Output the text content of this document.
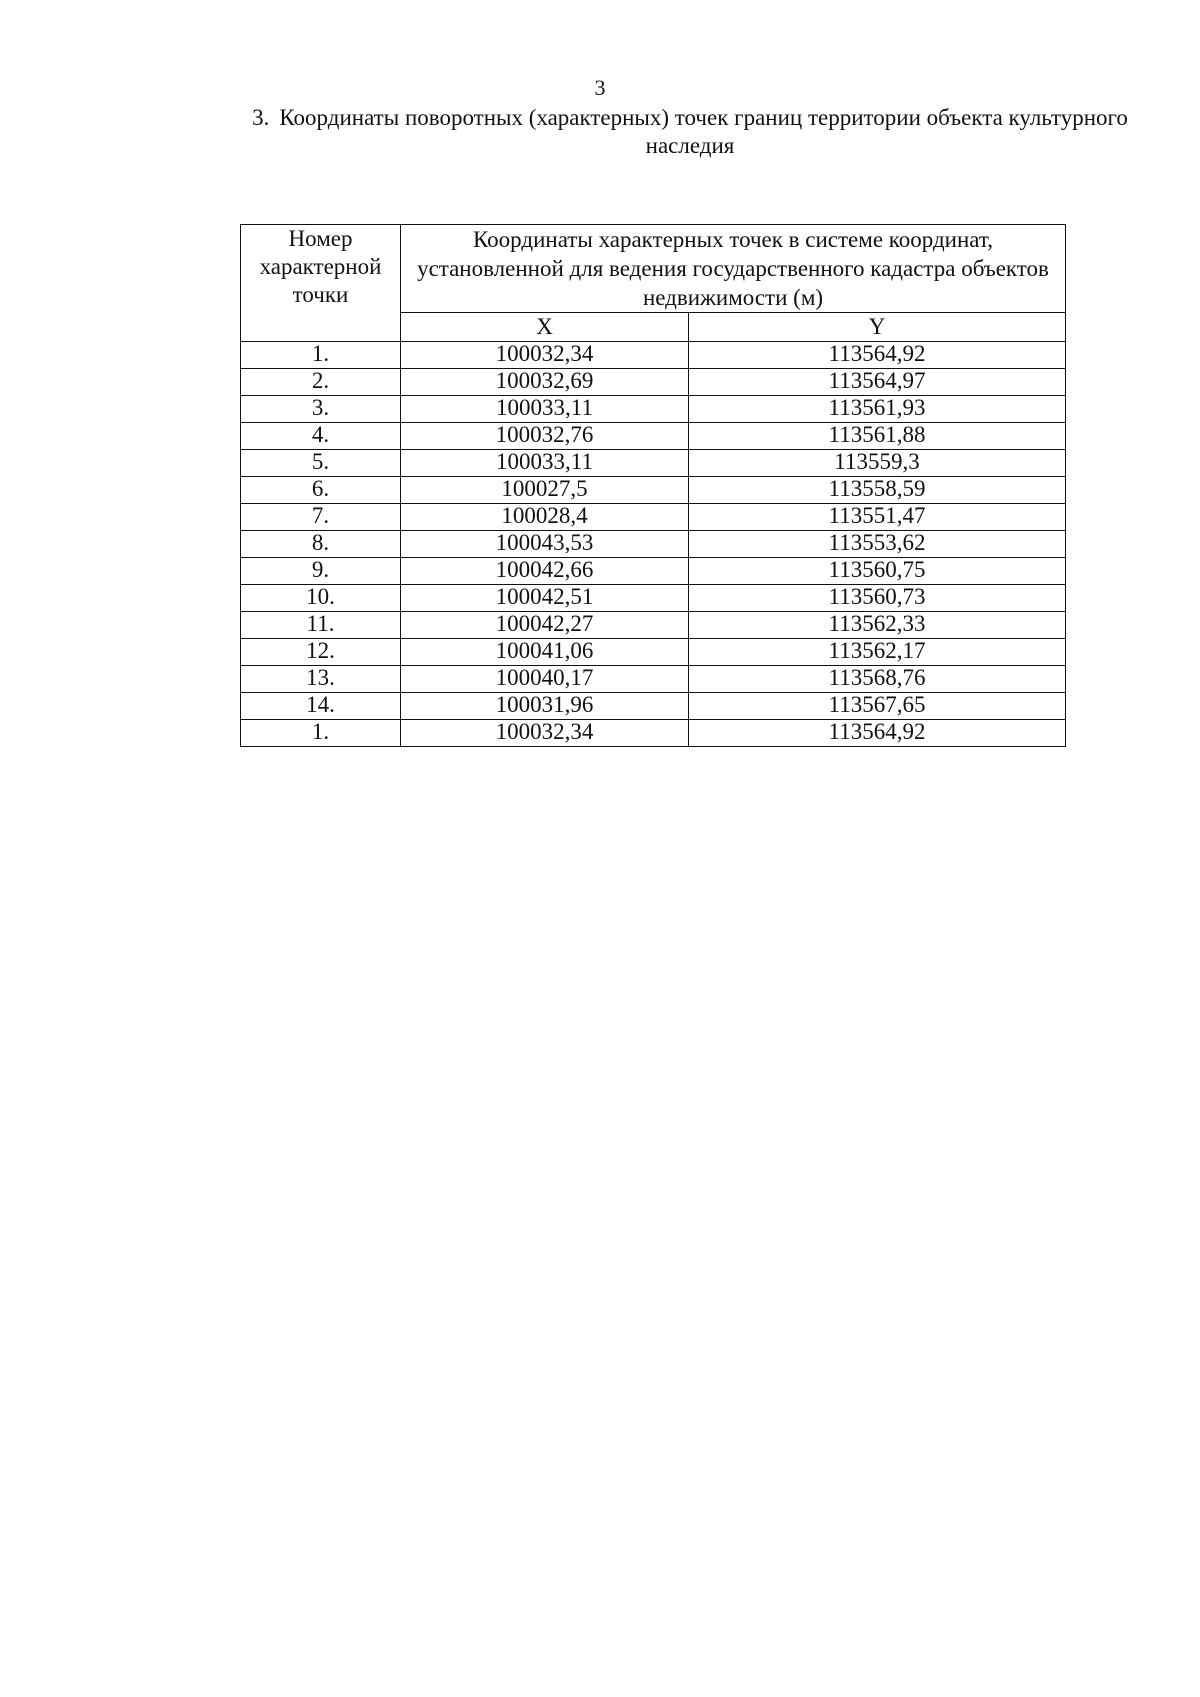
3
3. Координаты поворотных (характерных) точек границ территории объекта культурного наследия
Номер характерной точки	Координаты характерных точек в системе координат, установленной для ведения государственного кадастра объектов недвижимости (м)	
	X	Y
1.	100032,34	113564,92
2.	100032,69	113564,97
3.	100033,11	113561,93
4.	100032,76	113561,88
5.	100033,11	113559,3
6.	100027,5	113558,59
7.	100028,4	113551,47
8.	100043,53	113553,62
9.	100042,66	113560,75
10.	100042,51	113560,73
11.	100042,27	113562,33
12.	100041,06	113562,17
13.	100040,17	113568,76
14.	100031,96	113567,65
1.	100032,34	113564,92
